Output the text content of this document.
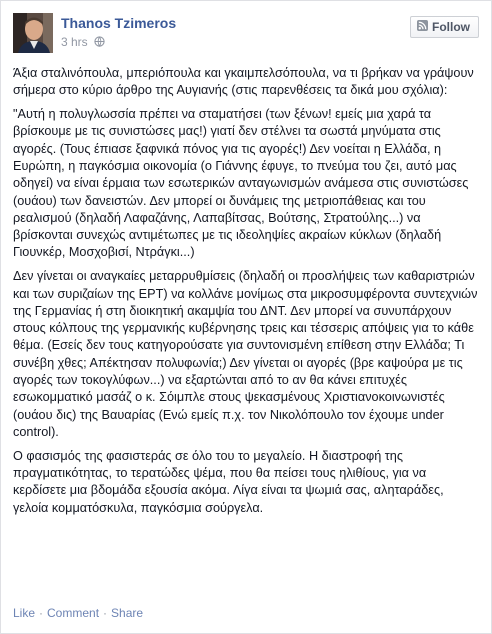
Thanos Tzimeros
3 hrs
Follow

Άξια σταλινόπουλα, μπεριόπουλα και γκαιμπελσόπουλα, να τι βρήκαν να γράψουν σήμερα στο κύριο άρθρο της Αυγιανής (στις παρενθέσεις τα δικά μου σχόλια):

"Αυτή η πολυγλωσσία πρέπει να σταματήσει (των ξένων! εμείς μια χαρά τα βρίσκουμε με τις συνιστώσες μας!) γιατί δεν στέλνει τα σωστά μηνύματα στις αγορές. (Τους έπιασε ξαφνικά πόνος για τις αγορές!) Δεν νοείται η Ελλάδα, η Ευρώπη, η παγκόσμια οικονομία (ο Γιάννης έφυγε, το πνεύμα του ζει, αυτό μας οδηγεί) να είναι έρμαια των εσωτερικών ανταγωνισμών ανάμεσα στις συνιστώσες (ουάου) των δανειστών. Δεν μπορεί οι δυνάμεις της μετριοπάθειας και του ρεαλισμού (δηλαδή Λαφαζάνης, Λαπαβίτσας, Βούτσης, Στρατούλης...) να βρίσκονται συνεχώς αντιμέτωπες με τις ιδεοληψίες ακραίων κύκλων (δηλαδή Γιουνκέρ, Μοσχοβισί, Ντράγκι...)

Δεν γίνεται οι αναγκαίες μεταρρυθμίσεις (δηλαδή οι προσλήψεις των καθαριστριών και των συριζαίων της ΕΡΤ) να κολλάνε μονίμως στα μικροσυμφέροντα συντεχνιών της Γερμανίας ή στη διοικητική ακαμψία του ΔΝΤ. Δεν μπορεί να συνυπάρχουν στους κόλπους της γερμανικής κυβέρνησης τρεις και τέσσερις απόψεις για το κάθε θέμα. (Εσείς δεν τους κατηγορούσατε για συντονισμένη επίθεση στην Ελλάδα; Τι συνέβη χθες; Απέκτησαν πολυφωνία;) Δεν γίνεται οι αγορές (βρε καψούρα με τις αγορές των τοκογλύφων...) να εξαρτώνται από το αν θα κάνει επιτυχές εσωκομματικό μασάζ ο κ. Σόιμπλε στους ψεκασμένους Χριστιανοκοινωνιστές (ουάου δις) της Βαυαρίας (Ενώ εμείς π.χ. τον Νικολόπουλο τον έχουμε under control).

Ο φασισμός της φασιστεράς σε όλο του το μεγαλείο. Η διαστροφή της πραγματικότητας, το τερατώδες ψέμα, που θα πείσει τους ηλιθίους, για να κερδίσετε μια βδομάδα εξουσία ακόμα. Λίγα είναι τα ψωμιά σας, αληταράδες, γελοία κομματόσκυλα, παγκόσμια σούργελα.

Like · Comment · Share
